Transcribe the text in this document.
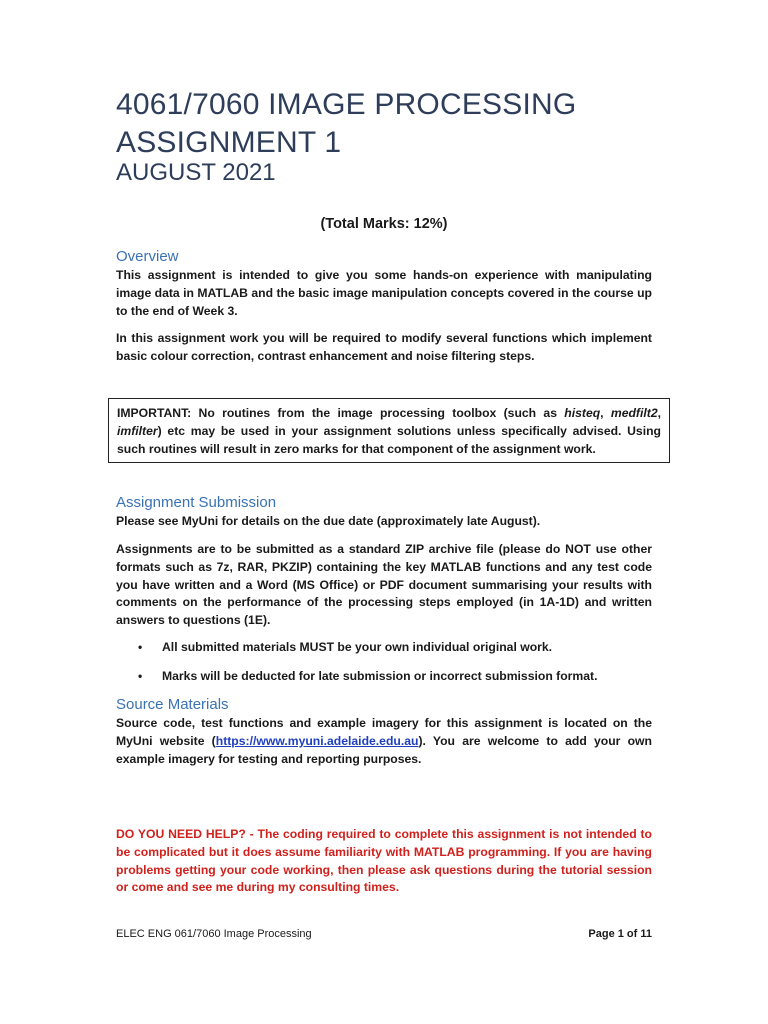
4061/7060 IMAGE PROCESSING
ASSIGNMENT 1
AUGUST 2021
(Total Marks: 12%)
Overview
This assignment is intended to give you some hands-on experience with manipulating image data in MATLAB and the basic image manipulation concepts covered in the course up to the end of Week 3.
In this assignment work you will be required to modify several functions which implement basic colour correction, contrast enhancement and noise filtering steps.
IMPORTANT: No routines from the image processing toolbox (such as histeq, medfilt2, imfilter) etc may be used in your assignment solutions unless specifically advised. Using such routines will result in zero marks for that component of the assignment work.
Assignment Submission
Please see MyUni for details on the due date (approximately late August).
Assignments are to be submitted as a standard ZIP archive file (please do NOT use other formats such as 7z, RAR, PKZIP) containing the key MATLAB functions and any test code you have written and a Word (MS Office) or PDF document summarising your results with comments on the performance of the processing steps employed (in 1A-1D) and written answers to questions (1E).
• All submitted materials MUST be your own individual original work.
• Marks will be deducted for late submission or incorrect submission format.
Source Materials
Source code, test functions and example imagery for this assignment is located on the MyUni website (https://www.myuni.adelaide.edu.au). You are welcome to add your own example imagery for testing and reporting purposes.
DO YOU NEED HELP? - The coding required to complete this assignment is not intended to be complicated but it does assume familiarity with MATLAB programming. If you are having problems getting your code working, then please ask questions during the tutorial session or come and see me during my consulting times.
ELEC ENG 061/7060 Image Processing	Page 1 of 11
